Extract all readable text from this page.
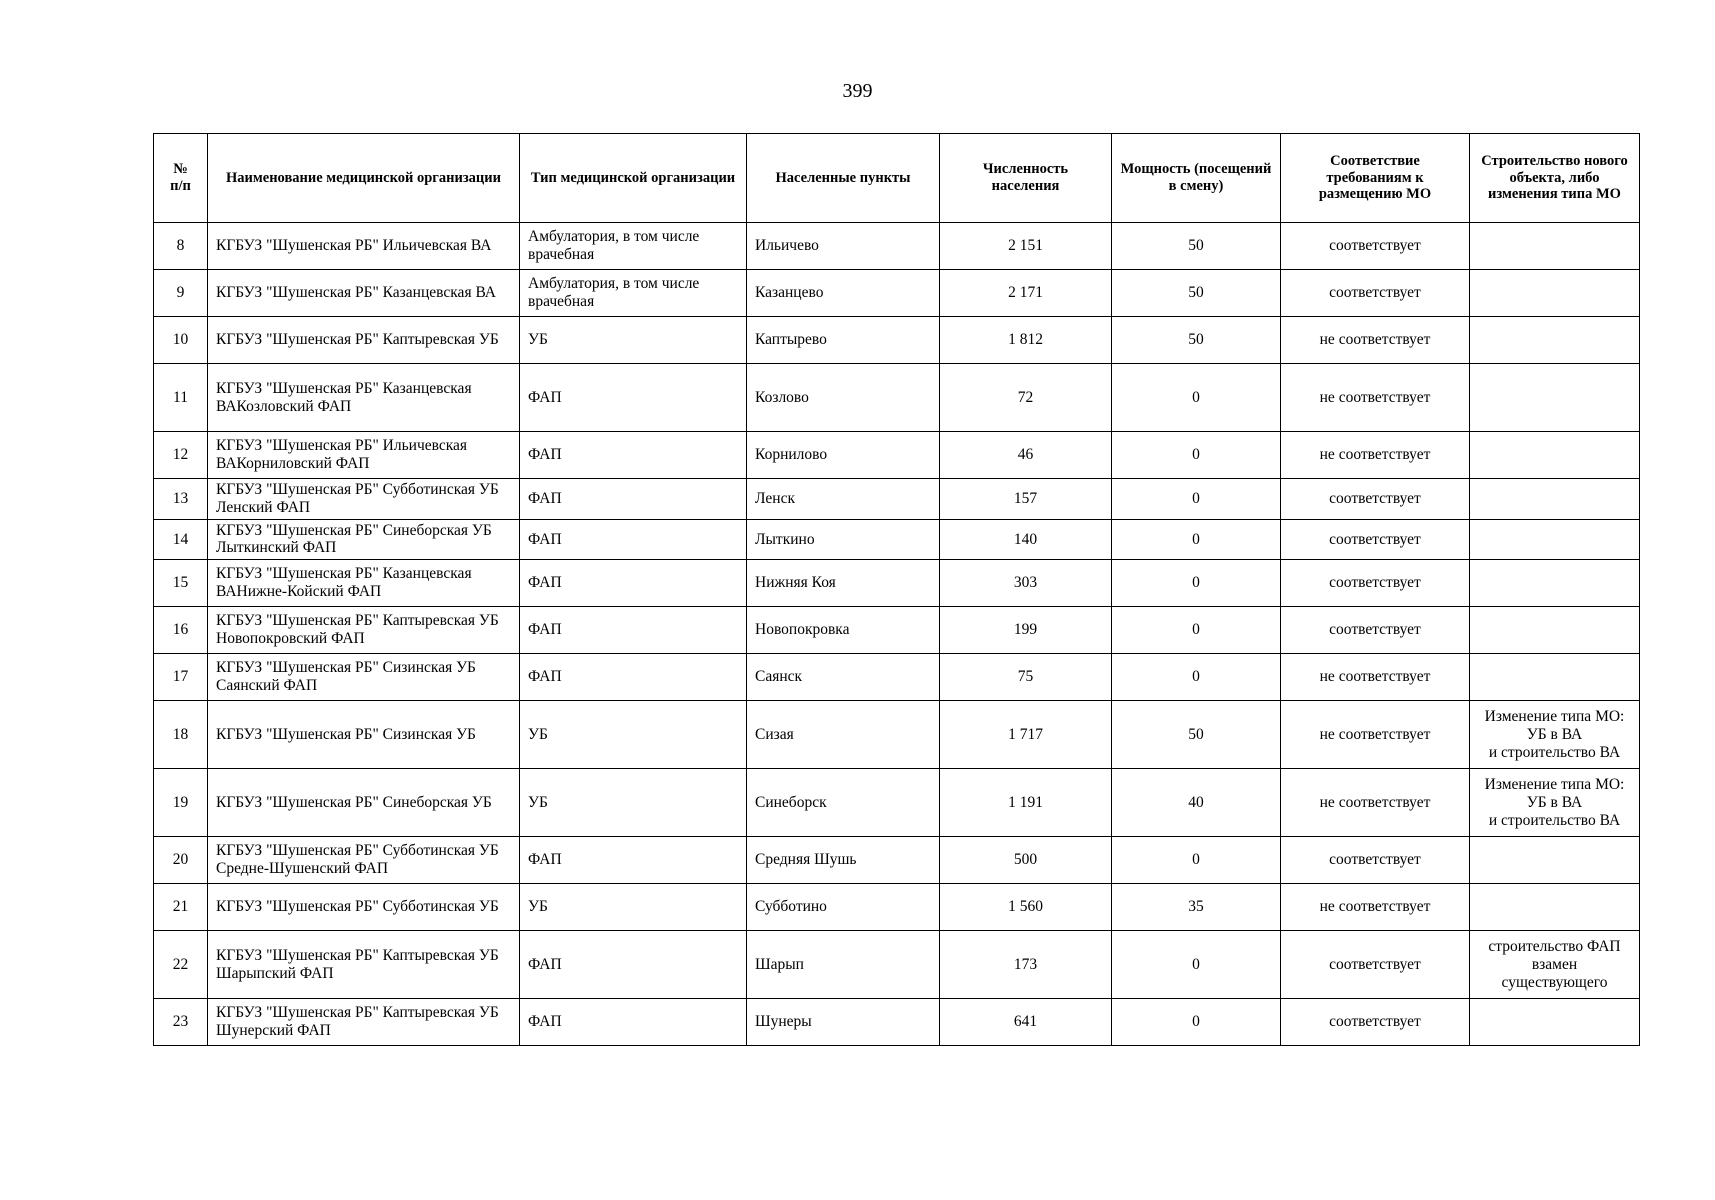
399
№
п/п	Наименование медицинской организации	Тип медицинской организации	Населенные пункты	Численность населения	Мощность (посещений в смену)	Соответствие требованиям к размещению МО	Строительство нового объекта, либо изменения типа МО
8	КГБУЗ "Шушенская РБ" Ильичевская ВА	Амбулатория, в том числе врачебная	Ильичево	2 151	50	соответствует	
9	КГБУЗ "Шушенская РБ" Казанцевская ВА	Амбулатория, в том числе врачебная	Казанцево	2 171	50	соответствует	
10	КГБУЗ "Шушенская РБ" Каптыревская УБ	УБ	Каптырево	1 812	50	не соответствует	
11	КГБУЗ "Шушенская РБ" Казанцевская ВАКозловский ФАП	ФАП	Козлово	72	0	не соответствует	
12	КГБУЗ "Шушенская РБ" Ильичевская ВАКорниловский ФАП	ФАП	Корнилово	46	0	не соответствует	
13	КГБУЗ "Шушенская РБ" Субботинская УБ Ленский ФАП	ФАП	Ленск	157	0	соответствует	
14	КГБУЗ "Шушенская РБ" Синеборская УБ Лыткинский ФАП	ФАП	Лыткино	140	0	соответствует	
15	КГБУЗ "Шушенская РБ" Казанцевская ВАНижне-Койский ФАП	ФАП	Нижняя Коя	303	0	соответствует	
16	КГБУЗ "Шушенская РБ" Каптыревская УБ Новопокровский ФАП	ФАП	Новопокровка	199	0	соответствует	
17	КГБУЗ "Шушенская РБ" Сизинская УБ Саянский ФАП	ФАП	Саянск	75	0	не соответствует	
18	КГБУЗ "Шушенская РБ" Сизинская УБ	УБ	Сизая	1 717	50	не соответствует	Изменение типа МО: УБ в ВА
и строительство ВА
19	КГБУЗ "Шушенская РБ" Синеборская УБ	УБ	Синеборск	1 191	40	не соответствует	Изменение типа МО: УБ в ВА
и строительство ВА
20	КГБУЗ "Шушенская РБ" Субботинская УБ Средне-Шушенский ФАП	ФАП	Средняя Шушь	500	0	соответствует	
21	КГБУЗ "Шушенская РБ" Субботинская УБ	УБ	Субботино	1 560	35	не соответствует	
22	КГБУЗ "Шушенская РБ" Каптыревская УБ Шарыпский ФАП	ФАП	Шарып	173	0	соответствует	строительство ФАП взамен существующего
23	КГБУЗ "Шушенская РБ" Каптыревская УБ Шунерский ФАП	ФАП	Шунеры	641	0	соответствует	
